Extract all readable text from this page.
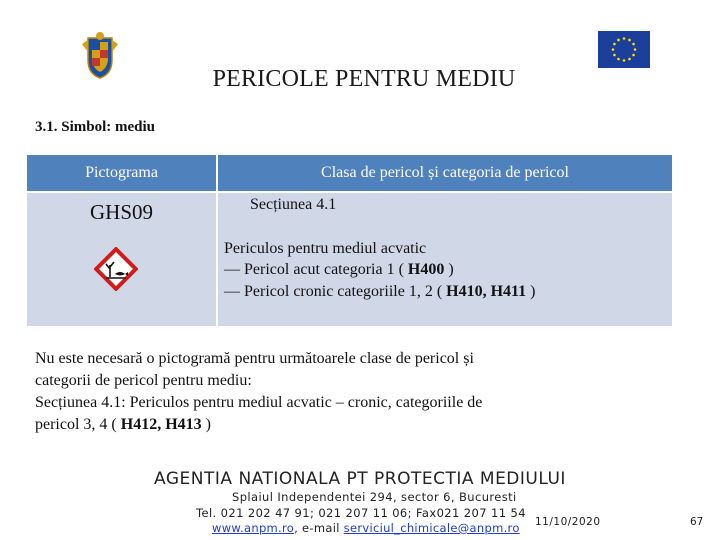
PERICOLE PENTRU MEDIU
3.1. Simbol: mediu
Pictograma	Clasa de pericol și categoria de pericol
GHS09	Secțiunea 4.1
Periculos pentru mediul acvatic
— Pericol acut categoria 1 ( H400 )
— Pericol cronic categoriile 1, 2 ( H410, H411 )
Nu este necesară o pictogramă pentru următoarele clase de pericol și
categorii de pericol pentru mediu:
Secțiunea 4.1: Periculos pentru mediul acvatic – cronic, categoriile de
pericol 3, 4 ( H412, H413 )
AGENTIA NATIONALA PT PROTECTIA MEDIULUI
Splaiul Independentei 294, sector 6, Bucuresti
Tel. 021 202 47 91; 021 207 11 06; Fax021 207 11 54
www.anpm.ro, e-mail serviciul_chimicale@anpm.ro 11/10/2020	67
